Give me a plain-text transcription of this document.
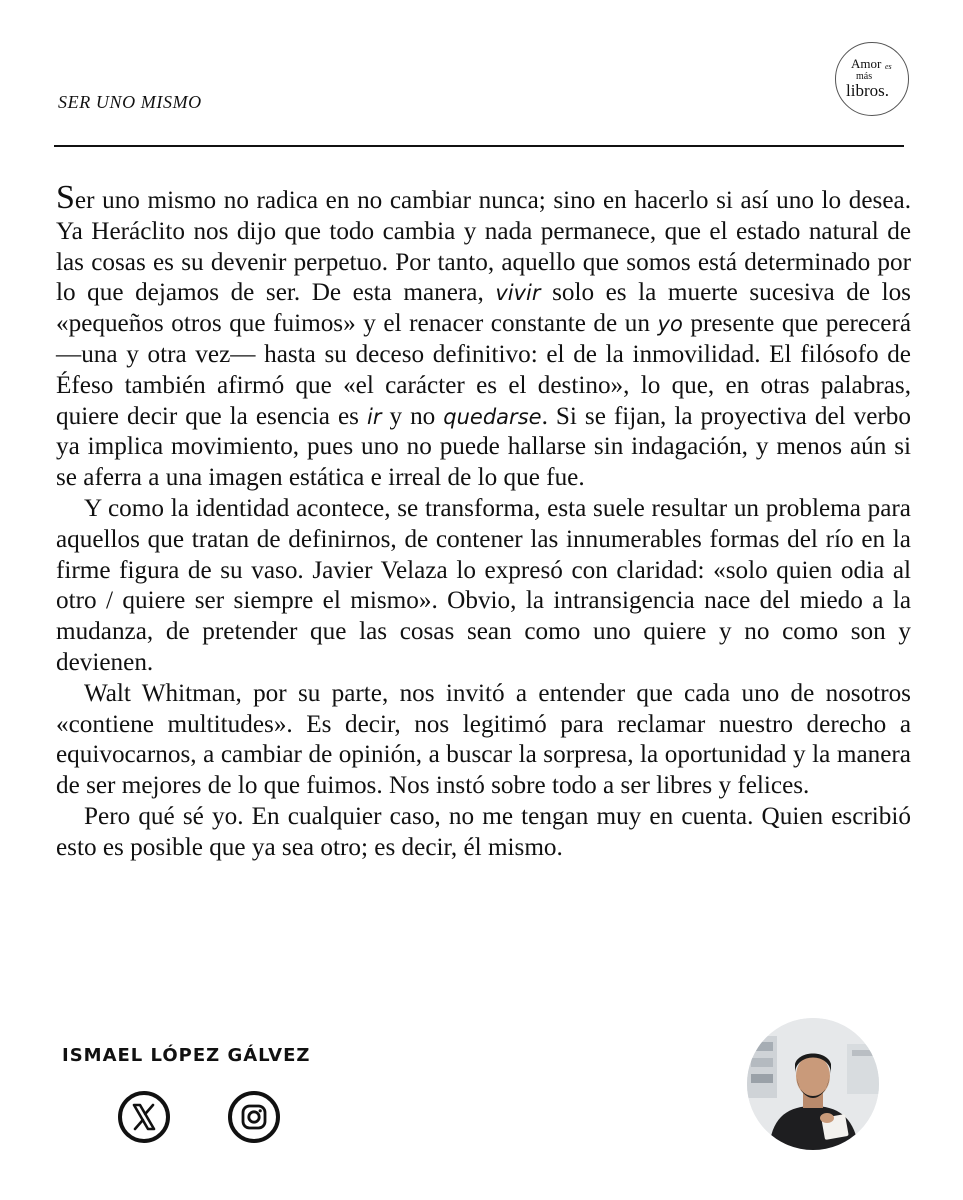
SER UNO MISMO
Amor es
más
libros.

Ser uno mismo no radica en no cambiar nunca; sino en hacerlo si así uno lo desea. Ya Heráclito nos dijo que todo cambia y nada permanece, que el estado natural de las cosas es su devenir perpetuo. Por tanto, aquello que somos está determinado por lo que dejamos de ser. De esta manera, vivir solo es la muerte sucesiva de los «pequeños otros que fuimos» y el renacer constante de un yo presente que perecerá —una y otra vez— hasta su deceso definitivo: el de la inmovilidad. El filósofo de Éfeso también afirmó que «el carácter es el destino», lo que, en otras palabras, quiere decir que la esencia es ir y no quedarse. Si se fijan, la proyectiva del verbo ya implica movimiento, pues uno no puede hallarse sin indagación, y menos aún si se aferra a una imagen estática e irreal de lo que fue.

Y como la identidad acontece, se transforma, esta suele resultar un problema para aquellos que tratan de definirnos, de contener las innumerables formas del río en la firme figura de su vaso. Javier Velaza lo expresó con claridad: «solo quien odia al otro / quiere ser siempre el mismo». Obvio, la intransigencia nace del miedo a la mudanza, de pretender que las cosas sean como uno quiere y no como son y devienen.

Walt Whitman, por su parte, nos invitó a entender que cada uno de nosotros «contiene multitudes». Es decir, nos legitimó para reclamar nuestro derecho a equivocarnos, a cambiar de opinión, a buscar la sorpresa, la oportunidad y la manera de ser mejores de lo que fuimos. Nos instó sobre todo a ser libres y felices.

Pero qué sé yo. En cualquier caso, no me tengan muy en cuenta. Quien escribió esto es posible que ya sea otro; es decir, él mismo.

ISMAEL LÓPEZ GÁLVEZ
